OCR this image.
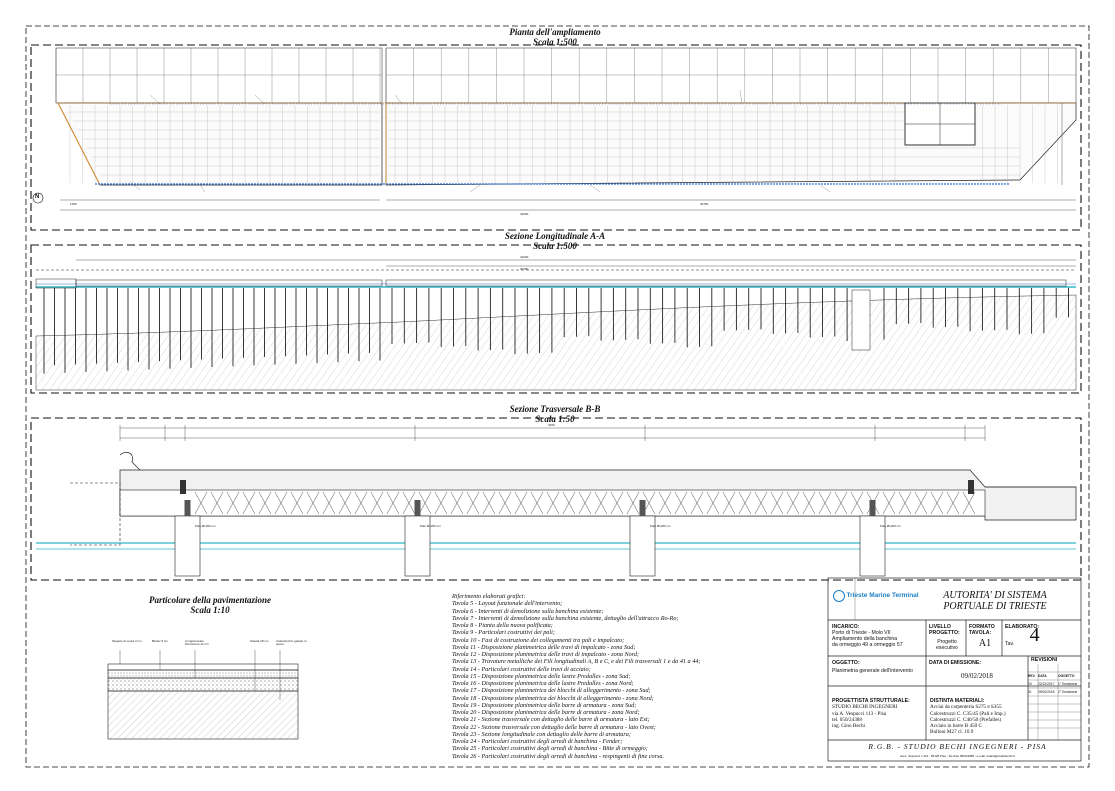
Pianta dell'ampliamento
Scala 1:500
Sezione Longitudinale A-A
Scala 1:500
Sezione Trasversale B-B
Scala 1:50
Particolare della pavimentazione
Scala 1:10
41000
1250	40750
41000
40750
3250
Palo Ø1200 cm	Palo Ø1200 cm	Palo Ø1200 cm	Palo Ø1200 cm
N
Tappeto di usura 3 cm	Binder 5 cm	Conglomerato bituminoso 12 cm
Soletta 28 cm	Calcestruzzo gettato in opera
Riferimento elaborati grafici:
Tavola 5 - Layout funzionale dell'intervento;
Tavola 6 - Interventi di demolizione sulla banchina esistente;
Tavola 7 - Interventi di demolizione sulla banchina esistente, dettaglio dell'attracco Ro-Ro;
Tavola 8 - Pianta della nuova palificata;
Tavola 9 - Particolari costruttivi dei pali;
Tavola 10 - Fasi di costruzione dei collegamenti tra pali e impalcato;
Tavola 11 - Disposizione planimetrica delle travi di impalcato - zona Sud;
Tavola 12 - Disposizione planimetrica delle travi di impalcato - zona Nord;
Tavola 13 - Travature metalliche dei Fili longitudinali A, B e C, e dei Fili trasversali 1 e da 41 a 44;
Tavola 14 - Particolari costruttivi delle travi di acciaio;
Tavola 15 - Disposizione planimetrica delle lastre Predalles - zona Sud;
Tavola 16 - Disposizione planimetrica delle lastre Predalles - zona Nord;
Tavola 17 - Disposizione planimetrica dei blocchi di alleggerimento - zona Sud;
Tavola 18 - Disposizione planimetrica dei blocchi di alleggerimento - zona Nord;
Tavola 19 - Disposizione planimetrica delle barre di armatura - zona Sud;
Tavola 20 - Disposizione planimetrica delle barre di armatura - zona Nord;
Tavola 21 - Sezione trasversale con dettaglio delle barre di armatura - lato Est;
Tavola 22 - Sezione trasversale con dettaglio delle barre di armatura - lato Ovest;
Tavola 23 - Sezione longitudinale con dettaglio delle barre di armatura;
Tavola 24 - Particolari costruttivi degli arredi di banchina - Fender;
Tavola 25 - Particolari costruttivi degli arredi di banchina - Bitte di ormeggio;
Tavola 26 - Particolari costruttivi degli arredi di banchina - respingenti di fine corsa.
Trieste Marine Terminal	AUTORITA' DI SISTEMA
PORTUALE DI TRIESTE
INCARICO:
Porto di Trieste - Molo VII
Ampliamento della banchina
da ormeggio 49 a ormeggio 57
LIVELLO PROGETTO:
Progetto esecutivo
FORMATO TAVOLA:
A1
ELABORATO:
Tav. 4
OGGETTO:
Planimetria generale dell'intervento
DATA DI EMISSIONE:
09/02/2018
REVISIONI
REV. DATA	OGGETTO
00	22/12/2017	1° Emissione
01	09/02/2018	2° Emissione
PROGETTISTA STRUTTURALE:
STUDIO BECHI INGEGNERI
via A. Vespucci 113 - Pisa
tel. 050/24388
ing. Gino Bechi
DISTINTA MATERIALI:
Acciai da carpenteria S275 e S355
Calcestruzzi C. C35/45 (Pali e Imp.)
Calcestruzzi C. C40/50 (Prefalles)
Acciaio in barre B 450 C
Bulloni M27 cl. 10.9
R.G.B. - STUDIO BECHI INGEGNERI - PISA
via A. Vespucci n.113 - 56125 Pisa - Tel./Fax 050/24388 - e-mail: studio@studiobechi.it
